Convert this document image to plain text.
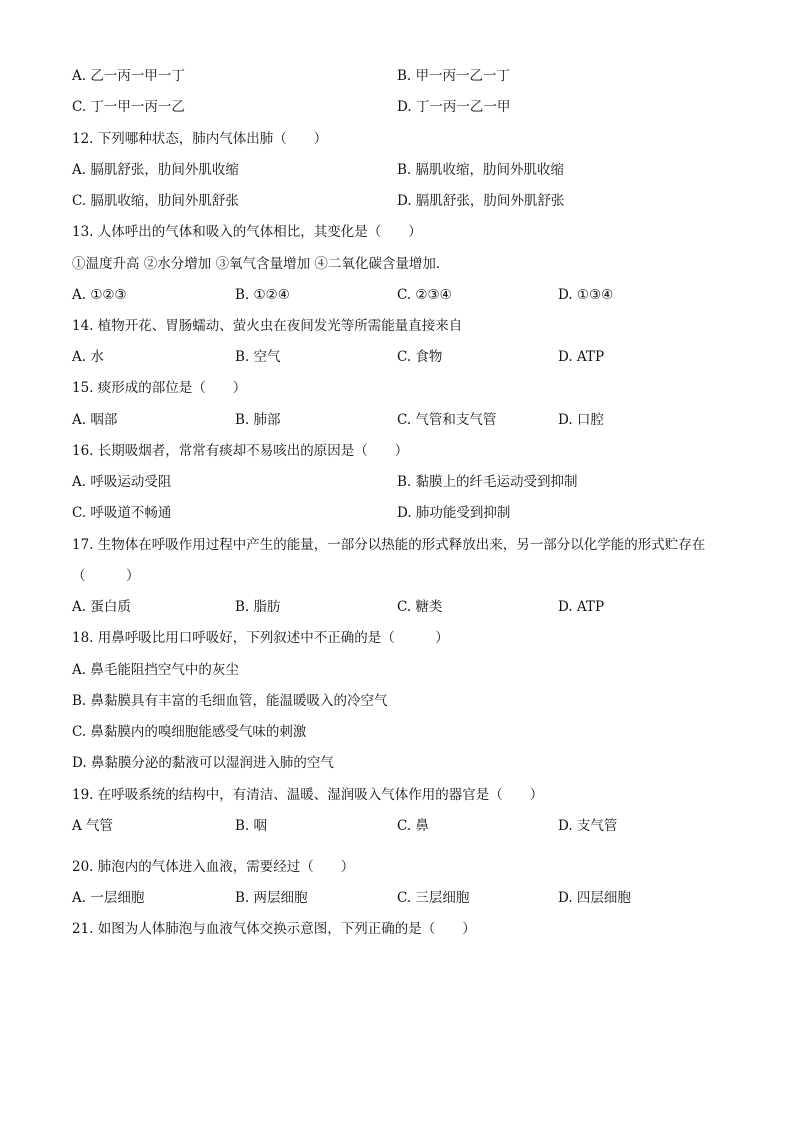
A. 乙一丙一甲一丁	B. 甲一丙一乙一丁
C. 丁一甲一丙一乙	D. 丁一丙一乙一甲
12. 下列哪种状态，肺内气体出肺（　　）
A. 膈肌舒张，肋间外肌收缩	B. 膈肌收缩，肋间外肌收缩
C. 膈肌收缩，肋间外肌舒张	D. 膈肌舒张，肋间外肌舒张
13. 人体呼出的气体和吸入的气体相比，其变化是（　　）
①温度升高 ②水分增加 ③氧气含量增加 ④二氧化碳含量增加.
A. ①②③	B. ①②④	C. ②③④	D. ①③④
14. 植物开花、胃肠蠕动、萤火虫在夜间发光等所需能量直接来自
A. 水	B. 空气	C. 食物	D. ATP
15. 痰形成的部位是（　　）
A. 咽部	B. 肺部	C. 气管和支气管	D. 口腔
16. 长期吸烟者，常常有痰却不易咳出的原因是（　　）
A. 呼吸运动受阻	B. 黏膜上的纤毛运动受到抑制
C. 呼吸道不畅通	D. 肺功能受到抑制
17. 生物体在呼吸作用过程中产生的能量，一部分以热能的形式释放出来，另一部分以化学能的形式贮存在
（　　　）
A. 蛋白质	B. 脂肪	C. 糖类	D. ATP
18. 用鼻呼吸比用口呼吸好，下列叙述中不正确的是（　　　）
A. 鼻毛能阻挡空气中的灰尘
B. 鼻黏膜具有丰富的毛细血管，能温暖吸入的冷空气
C. 鼻黏膜内的嗅细胞能感受气味的刺激
D. 鼻黏膜分泌的黏液可以湿润进入肺的空气
19. 在呼吸系统的结构中，有清洁、温暖、湿润吸入气体作用的器官是（　　）
A 气管	B. 咽	C. 鼻	D. 支气管
20. 肺泡内的气体进入血液，需要经过（　　）
A. 一层细胞	B. 两层细胞	C. 三层细胞	D. 四层细胞
21. 如图为人体肺泡与血液气体交换示意图，下列正确的是（　　）
